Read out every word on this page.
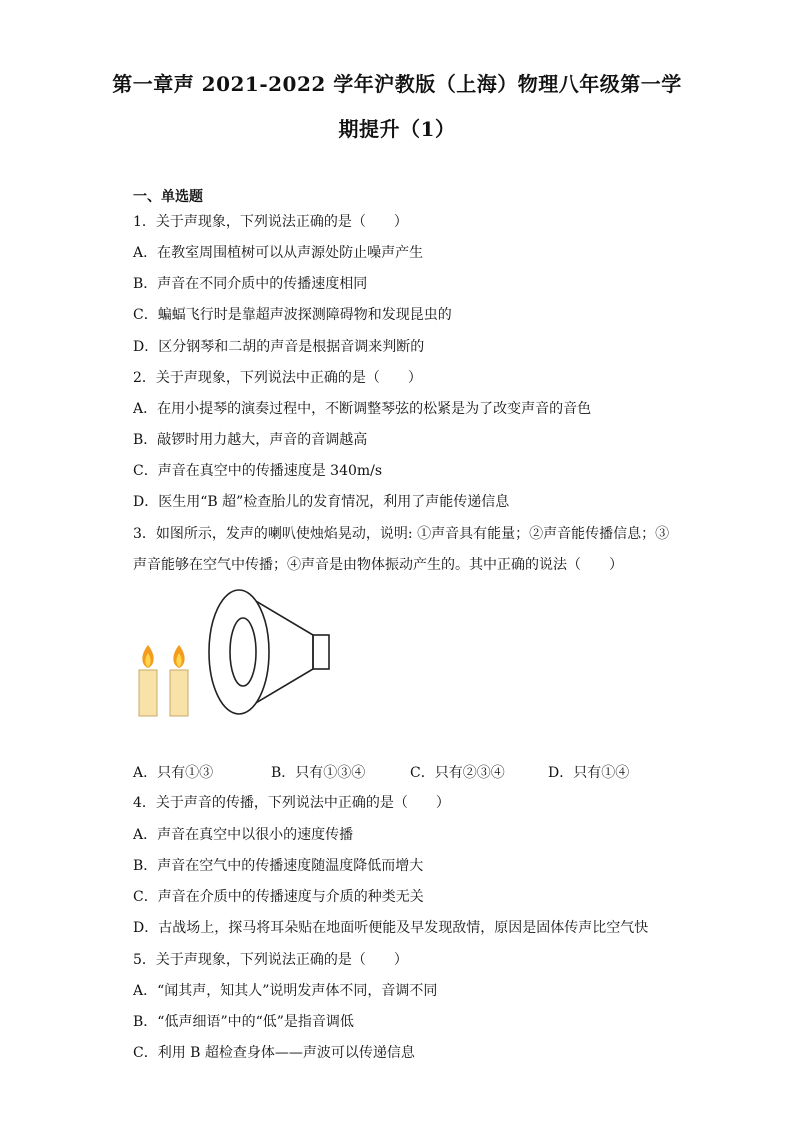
第一章声 2021-2022 学年沪教版（上海）物理八年级第一学
期提升（1）
一、单选题
1．关于声现象，下列说法正确的是（　　）
A．在教室周围植树可以从声源处防止噪声产生
B．声音在不同介质中的传播速度相同
C．蝙蝠飞行时是靠超声波探测障碍物和发现昆虫的
D．区分钢琴和二胡的声音是根据音调来判断的
2．关于声现象，下列说法中正确的是（　　）
A．在用小提琴的演奏过程中，不断调整琴弦的松紧是为了改变声音的音色
B．敲锣时用力越大，声音的音调越高
C．声音在真空中的传播速度是 340m/s
D．医生用“B 超”检查胎儿的发育情况，利用了声能传递信息
3．如图所示，发声的喇叭使烛焰晃动，说明: ①声音具有能量；②声音能传播信息；③
声音能够在空气中传播；④声音是由物体振动产生的。其中正确的说法（　　）
A．只有①③	B．只有①③④	C．只有②③④	D．只有①④
4．关于声音的传播，下列说法中正确的是（　　）
A．声音在真空中以很小的速度传播
B．声音在空气中的传播速度随温度降低而增大
C．声音在介质中的传播速度与介质的种类无关
D．古战场上，探马将耳朵贴在地面听便能及早发现敌情，原因是固体传声比空气快
5．关于声现象，下列说法正确的是（　　）
A．“闻其声，知其人”说明发声体不同，音调不同
B．“低声细语”中的“低”是指音调低
C．利用 B 超检查身体——声波可以传递信息
